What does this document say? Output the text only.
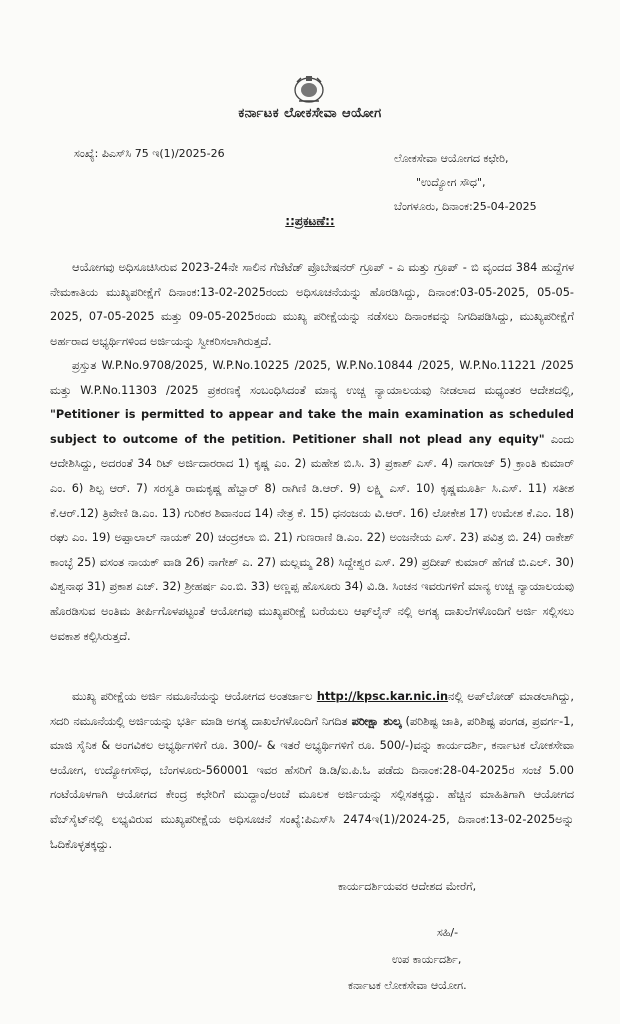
ಕರ್ನಾಟಕ ಲೋಕಸೇವಾ ಆಯೋಗ
ಸಂಖ್ಯೆ: ಪಿಎಸ್‌ಸಿ 75 ಇ(1)/2025-26	ಲೋಕಸೇವಾ ಆಯೋಗದ ಕಛೇರಿ,
"ಉದ್ಯೋಗ ಸೌಧ",
ಬೆಂಗಳೂರು, ದಿನಾಂಕ:25-04-2025
::ಪ್ರಕಟಣೆ::
ಆಯೋಗವು ಅಧಿಸೂಚಿಸಿರುವ 2023-24ನೇ ಸಾಲಿನ ಗೆಜೆಟೆಡ್ ಪ್ರೊಬೇಷನರ್ ಗ್ರೂಪ್ - ಎ ಮತ್ತು ಗ್ರೂಪ್ - ಬಿ ವೃಂದದ 384 ಹುದ್ದೆಗಳ ನೇಮಕಾತಿಯ ಮುಖ್ಯಪರೀಕ್ಷೆಗೆ ದಿನಾಂಕ:13-02-2025ರಂದು ಅಧಿಸೂಚನೆಯನ್ನು ಹೊರಡಿಸಿದ್ದು, ದಿನಾಂಕ:03-05-2025, 05-05-2025, 07-05-2025 ಮತ್ತು 09-05-2025ರಂದು ಮುಖ್ಯ ಪರೀಕ್ಷೆಯನ್ನು ನಡೆಸಲು ದಿನಾಂಕವನ್ನು ನಿಗದಿಪಡಿಸಿದ್ದು, ಮುಖ್ಯಪರೀಕ್ಷೆಗೆ ಅರ್ಹರಾದ ಅಭ್ಯರ್ಥಿಗಳಿಂದ ಅರ್ಜಿಯನ್ನು ಸ್ವೀಕರಿಸಲಾಗಿರುತ್ತದೆ.
ಪ್ರಸ್ತುತ W.P.No.9708/2025, W.P.No.10225 /2025, W.P.No.10844 /2025, W.P.No.11221 /2025 ಮತ್ತು W.P.No.11303 /2025 ಪ್ರಕರಣಕ್ಕೆ ಸಂಬಂಧಿಸಿದಂತೆ ಮಾನ್ಯ ಉಚ್ಚ ನ್ಯಾಯಾಲಯವು ನೀಡಲಾದ ಮಧ್ಯಂತರ ಆದೇಶದಲ್ಲಿ, "Petitioner is permitted to appear and take the main examination as scheduled subject to outcome of the petition. Petitioner shall not plead any equity" ಎಂದು ಆದೇಶಿಸಿದ್ದು, ಅದರಂತೆ 34 ರಿಟ್ ಅರ್ಜಿದಾರರಾದ 1) ಕೃಷ್ಣ ಎಂ. 2) ಮಹೇಶ ಬಿ.ಸಿ. 3) ಪ್ರಕಾಶ್ ಎಸ್. 4) ನಾಗರಾಜ್ 5) ಕ್ರಾಂತಿ ಕುಮಾರ್ ಎಂ. 6) ಶಿಲ್ಪ ಆರ್. 7) ಸರಸ್ವತಿ ರಾಮಕೃಷ್ಣ ಹೆಬ್ಬಾರ್ 8) ರಾಗಿಣಿ ಡಿ.ಆರ್. 9) ಲಕ್ಷ್ಮಿ ಎಸ್. 10) ಕೃಷ್ಣಮೂರ್ತಿ ಸಿ.ಎಸ್. 11) ಸತೀಶ ಕೆ.ಆರ್.12) ತ್ರಿವೇಣಿ ಡಿ.ಎಂ. 13) ಗುರಿಕರ ಶಿವಾನಂದ 14) ನೇತ್ರ ಕೆ. 15) ಧನಂಜಯ ವಿ.ಆರ್. 16) ಲೋಕೇಶ 17) ಉಮೇಶ ಕೆ.ಎಂ. 18) ರಘು ಎಂ. 19) ಅಪ್ಪಾಲಾಲ್ ನಾಯಕ್ 20) ಚಂದ್ರಕಲಾ ಬಿ. 21) ಗುಣರಾಣಿ ಡಿ.ಎಂ. 22) ಅಂಜನೇಯ ಎಸ್. 23) ಪವಿತ್ರ ಬಿ. 24) ರಾಕೇಶ್ ಕಾಂಬ್ಳೆ 25) ವಸಂತ ನಾಯಕ್ ವಾಡಿ 26) ನಾಗೇಶ್ ಎ. 27) ಮಲ್ಲಮ್ಮ 28) ಸಿದ್ದೇಶ್ವರ ಎಸ್. 29) ಪ್ರದೀಪ್ ಕುಮಾರ್ ಹೆಗಡೆ ಬಿ.ಎಲ್. 30) ವಿಶ್ವನಾಥ 31) ಪ್ರಕಾಶ ಎಚ್. 32) ಶ್ರೀಹರ್ಷ ಎಂ.ಬಿ. 33) ಅಣ್ಣಪ್ಪ ಹೊಸೂರು 34) ವಿ.ಡಿ. ಸಿಂಚನ ಇವರುಗಳಿಗೆ ಮಾನ್ಯ ಉಚ್ಚ ನ್ಯಾಯಾಲಯವು ಹೊರಡಿಸುವ ಅಂತಿಮ ತೀರ್ಪಿಗೊಳಪಟ್ಟಂತೆ ಆಯೋಗವು ಮುಖ್ಯಪರೀಕ್ಷೆ ಬರೆಯಲು ಆಫ್‌ಲೈನ್ ನಲ್ಲಿ ಅಗತ್ಯ ದಾಖಲೆಗಳೊಂದಿಗೆ ಅರ್ಜಿ ಸಲ್ಲಿಸಲು ಅವಕಾಶ ಕಲ್ಪಿಸಿರುತ್ತದೆ.
ಮುಖ್ಯ ಪರೀಕ್ಷೆಯ ಅರ್ಜಿ ನಮೂನೆಯನ್ನು ಆಯೋಗದ ಅಂತರ್ಜಾಲ http://kpsc.kar.nic.inನಲ್ಲಿ ಅಪ್‌ಲೋಡ್ ಮಾಡಲಾಗಿದ್ದು, ಸದರಿ ನಮೂನೆಯಲ್ಲಿ ಅರ್ಜಿಯನ್ನು ಭರ್ತಿ ಮಾಡಿ ಅಗತ್ಯ ದಾಖಲೆಗಳೊಂದಿಗೆ ನಿಗದಿತ ಪರೀಕ್ಷಾ ಶುಲ್ಕ (ಪರಿಶಿಷ್ಟ ಜಾತಿ, ಪರಿಶಿಷ್ಟ ಪಂಗಡ, ಪ್ರವರ್ಗ-1, ಮಾಜಿ ಸೈನಿಕ & ಅಂಗವಿಕಲ ಅಭ್ಯರ್ಥಿಗಳಿಗೆ ರೂ. 300/- & ಇತರೆ ಅಭ್ಯರ್ಥಿಗಳಿಗೆ ರೂ. 500/-)ವನ್ನು ಕಾರ್ಯದರ್ಶಿ, ಕರ್ನಾಟಕ ಲೋಕಸೇವಾ ಆಯೋಗ, ಉದ್ಯೋಗಸೌಧ, ಬೆಂಗಳೂರು-560001 ಇವರ ಹೆಸರಿಗೆ ಡಿ.ಡಿ/ಐ.ಪಿ.ಓ ಪಡೆದು ದಿನಾಂಕ:28-04-2025ರ ಸಂಜೆ 5.00 ಗಂಟೆಯೊಳಗಾಗಿ ಆಯೋಗದ ಕೇಂದ್ರ ಕಛೇರಿಗೆ ಮುದ್ದಾಂ/ಅಂಚೆ ಮೂಲಕ ಅರ್ಜಿಯನ್ನು ಸಲ್ಲಿಸತಕ್ಕದ್ದು. ಹೆಚ್ಚಿನ ಮಾಹಿತಿಗಾಗಿ ಆಯೋಗದ ವೆಬ್‌ಸೈಟ್‌ನಲ್ಲಿ ಲಭ್ಯವಿರುವ ಮುಖ್ಯಪರೀಕ್ಷೆಯ ಅಧಿಸೂಚನೆ ಸಂಖ್ಯೆ:ಪಿಎಸ್‌ಸಿ 2474ಇ(1)/2024-25, ದಿನಾಂಕ:13-02-2025ಅನ್ನು ಓದಿಕೊಳ್ಳತಕ್ಕದ್ದು.
ಕಾರ್ಯದರ್ಶಿಯವರ ಆದೇಶದ ಮೇರೆಗೆ,
ಸಹಿ/-
ಉಪ ಕಾರ್ಯದರ್ಶಿ,
ಕರ್ನಾಟಕ ಲೋಕಸೇವಾ ಆಯೋಗ.
